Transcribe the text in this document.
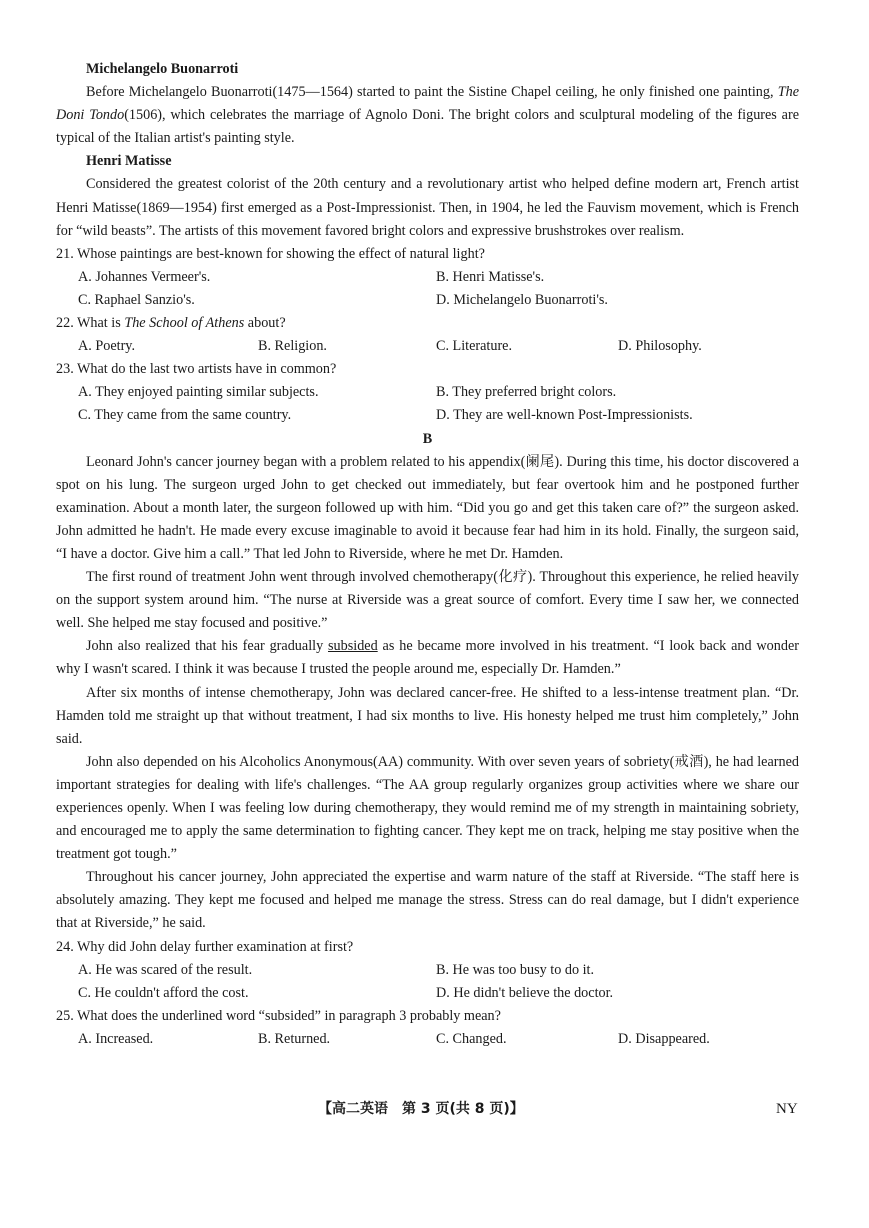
Michelangelo Buonarroti

Before Michelangelo Buonarroti(1475—1564) started to paint the Sistine Chapel ceiling, he only finished one painting, The Doni Tondo(1506), which celebrates the marriage of Agnolo Doni. The bright colors and sculptural modeling of the figures are typical of the Italian artist's painting style.

Henri Matisse

Considered the greatest colorist of the 20th century and a revolutionary artist who helped define modern art, French artist Henri Matisse(1869—1954) first emerged as a Post-Impressionist. Then, in 1904, he led the Fauvism movement, which is French for “wild beasts”. The artists of this movement favored bright colors and expressive brushstrokes over realism.

21. Whose paintings are best-known for showing the effect of natural light?

A. Johannes Vermeer's.	B. Henri Matisse's.
C. Raphael Sanzio's.	D. Michelangelo Buonarroti's.

22. What is The School of Athens about?

A. Poetry.	B. Religion.	C. Literature.	D. Philosophy.

23. What do the last two artists have in common?

A. They enjoyed painting similar subjects.	B. They preferred bright colors.
C. They came from the same country.	D. They are well-known Post-Impressionists.
B

Leonard John's cancer journey began with a problem related to his appendix(阑尾). During this time, his doctor discovered a spot on his lung. The surgeon urged John to get checked out immediately, but fear overtook him and he postponed further examination. About a month later, the surgeon followed up with him. “Did you go and get this taken care of?” the surgeon asked. John admitted he hadn't. He made every excuse imaginable to avoid it because fear had him in its hold. Finally, the surgeon said, “I have a doctor. Give him a call.” That led John to Riverside, where he met Dr. Hamden.

The first round of treatment John went through involved chemotherapy(化疗). Throughout this experience, he relied heavily on the support system around him. “The nurse at Riverside was a great source of comfort. Every time I saw her, we connected well. She helped me stay focused and positive.”

John also realized that his fear gradually subsided as he became more involved in his treatment. “I look back and wonder why I wasn't scared. I think it was because I trusted the people around me, especially Dr. Hamden.”

After six months of intense chemotherapy, John was declared cancer-free. He shifted to a less-intense treatment plan. “Dr. Hamden told me straight up that without treatment, I had six months to live. His honesty helped me trust him completely,” John said.

John also depended on his Alcoholics Anonymous(AA) community. With over seven years of sobriety(戒酒), he had learned important strategies for dealing with life's challenges. “The AA group regularly organizes group activities where we share our experiences openly. When I was feeling low during chemotherapy, they would remind me of my strength in maintaining sobriety, and encouraged me to apply the same determination to fighting cancer. They kept me on track, helping me stay positive when the treatment got tough.”

Throughout his cancer journey, John appreciated the expertise and warm nature of the staff at Riverside. “The staff here is absolutely amazing. They kept me focused and helped me manage the stress. Stress can do real damage, but I didn't experience that at Riverside,” he said.

24. Why did John delay further examination at first?

A. He was scared of the result.	B. He was too busy to do it.
C. He couldn't afford the cost.	D. He didn't believe the doctor.

25. What does the underlined word “subsided” in paragraph 3 probably mean?

A. Increased.	B. Returned.	C. Changed.	D. Disappeared.
【高二英语　第 3 页(共 8 页)】	NY
